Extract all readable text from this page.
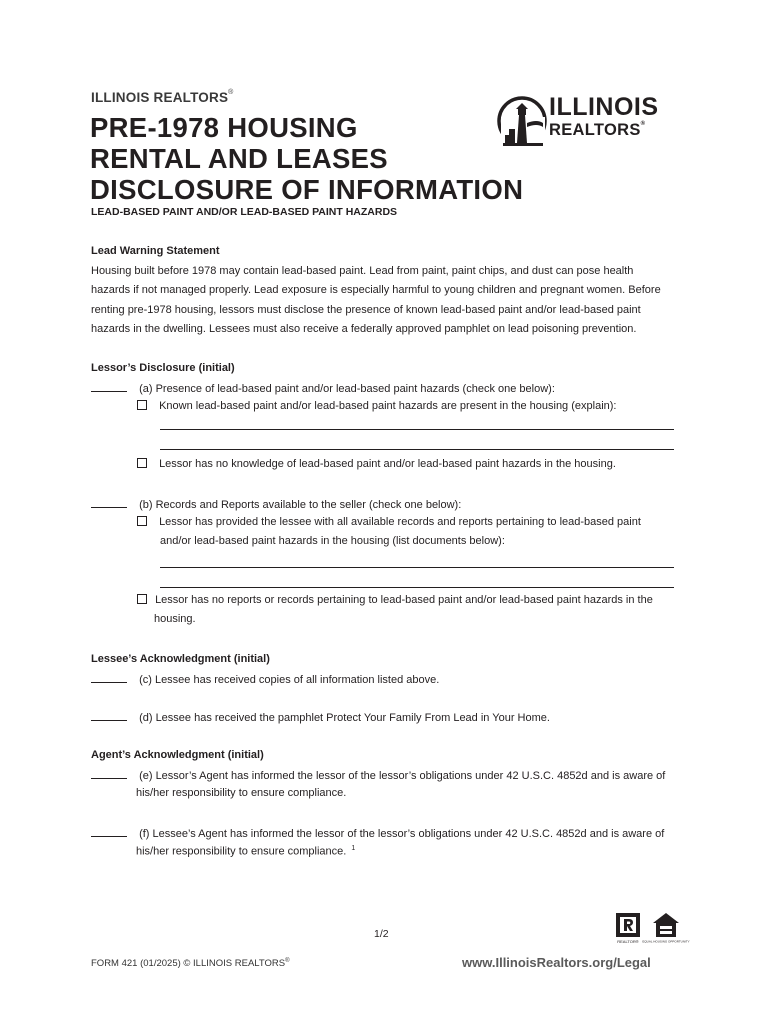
ILLINOIS REALTORS®
PRE-1978 HOUSING
RENTAL AND LEASES
DISCLOSURE OF INFORMATION
LEAD-BASED PAINT AND/OR LEAD-BASED PAINT HAZARDS
ILLINOIS
REALTORS®
Lead Warning Statement
Housing built before 1978 may contain lead-based paint. Lead from paint, paint chips, and dust can pose health
hazards if not managed properly. Lead exposure is especially harmful to young children and pregnant women. Before
renting pre-1978 housing, lessors must disclose the presence of known lead-based paint and/or lead-based paint
hazards in the dwelling. Lessees must also receive a federally approved pamphlet on lead poisoning prevention.
Lessor’s Disclosure (initial)
(a) Presence of lead-based paint and/or lead-based paint hazards (check one below):
Known lead-based paint and/or lead-based paint hazards are present in the housing (explain):
Lessor has no knowledge of lead-based paint and/or lead-based paint hazards in the housing.
(b) Records and Reports available to the seller (check one below):
Lessor has provided the lessee with all available records and reports pertaining to lead-based paint
and/or lead-based paint hazards in the housing (list documents below):
Lessor has no reports or records pertaining to lead-based paint and/or lead-based paint hazards in the
housing.
Lessee’s Acknowledgment (initial)
(c) Lessee has received copies of all information listed above.
(d) Lessee has received the pamphlet Protect Your Family From Lead in Your Home.
Agent’s Acknowledgment (initial)
(e) Lessor’s Agent has informed the lessor of the lessor’s obligations under 42 U.S.C. 4852d and is aware of
his/her responsibility to ensure compliance.
(f) Lessee’s Agent has informed the lessor of the lessor’s obligations under 42 U.S.C. 4852d and is aware of
his/her responsibility to ensure compliance. $^1$
1/2
REALTOR® EQUAL HOUSING OPPORTUNITY
FORM 421 (01/2025) © ILLINOIS REALTORS®	www.IllinoisRealtors.org/Legal
